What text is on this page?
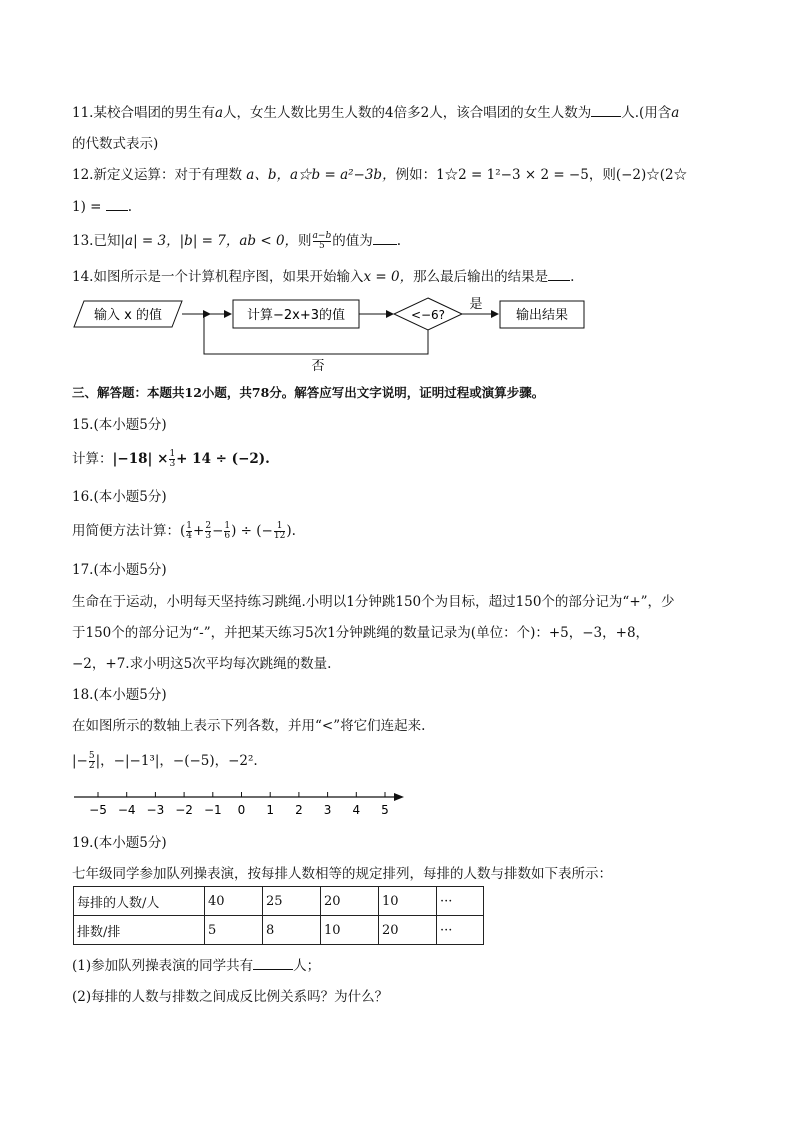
11.某校合唱团的男生有a人，女生人数比男生人数的4倍多2人，该合唱团的女生人数为 人.(用含a
的代数式表示)
12.新定义运算：对于有理数 a、b，a☆b = a²−3b，例如：1☆2 = 1²−3 × 2 = −5，则(−2)☆(2☆
1) = .
13.已知|a| = 3，|b| = 7，ab < 0，则 $\frac{a-b}{5}$ 的值为 .
14.如图所示是一个计算机程序图，如果开始输入x = 0，那么最后输出的结果是 .
输入 x 的值	计算−2x+3的值	<−6?
是
输出结果
否
三、解答题：本题共12小题，共78分。解答应写出文字说明，证明过程或演算步骤。
15.(本小题5分)
计算：$|-18| \times \frac{1}{3} + 14 \div (-2)$.
16.(本小题5分)
用简便方法计算：( $\frac{1}{4} + \frac{2}{3} - \frac{1}{6}$ ) ÷ (− $\frac{1}{12}$ ).
17.(本小题5分)
生命在于运动，小明每天坚持练习跳绳.小明以1分钟跳150个为目标，超过150个的部分记为“+”，少
于150个的部分记为“-”，并把某天练习5次1分钟跳绳的数量记录为(单位：个)：+5，−3，+8，
−2，+7.求小明这5次平均每次跳绳的数量.
18.(本小题5分)
在如图所示的数轴上表示下列各数，并用“<”将它们连起来.
|− $\frac{5}{2}$ |，−|−1³|，−(−5)，−2².
−5 −4 −3 −2 −1 0 1 2 3 4 5
19.(本小题5分)
七年级同学参加队列操表演，按每排人数相等的规定排列，每排的人数与排数如下表所示：
每排的人数/人	40	25	20	10	···
排数/排	5	8	10	20	···
(1)参加队列操表演的同学共有	人；
(2)每排的人数与排数之间成反比例关系吗？为什么？
